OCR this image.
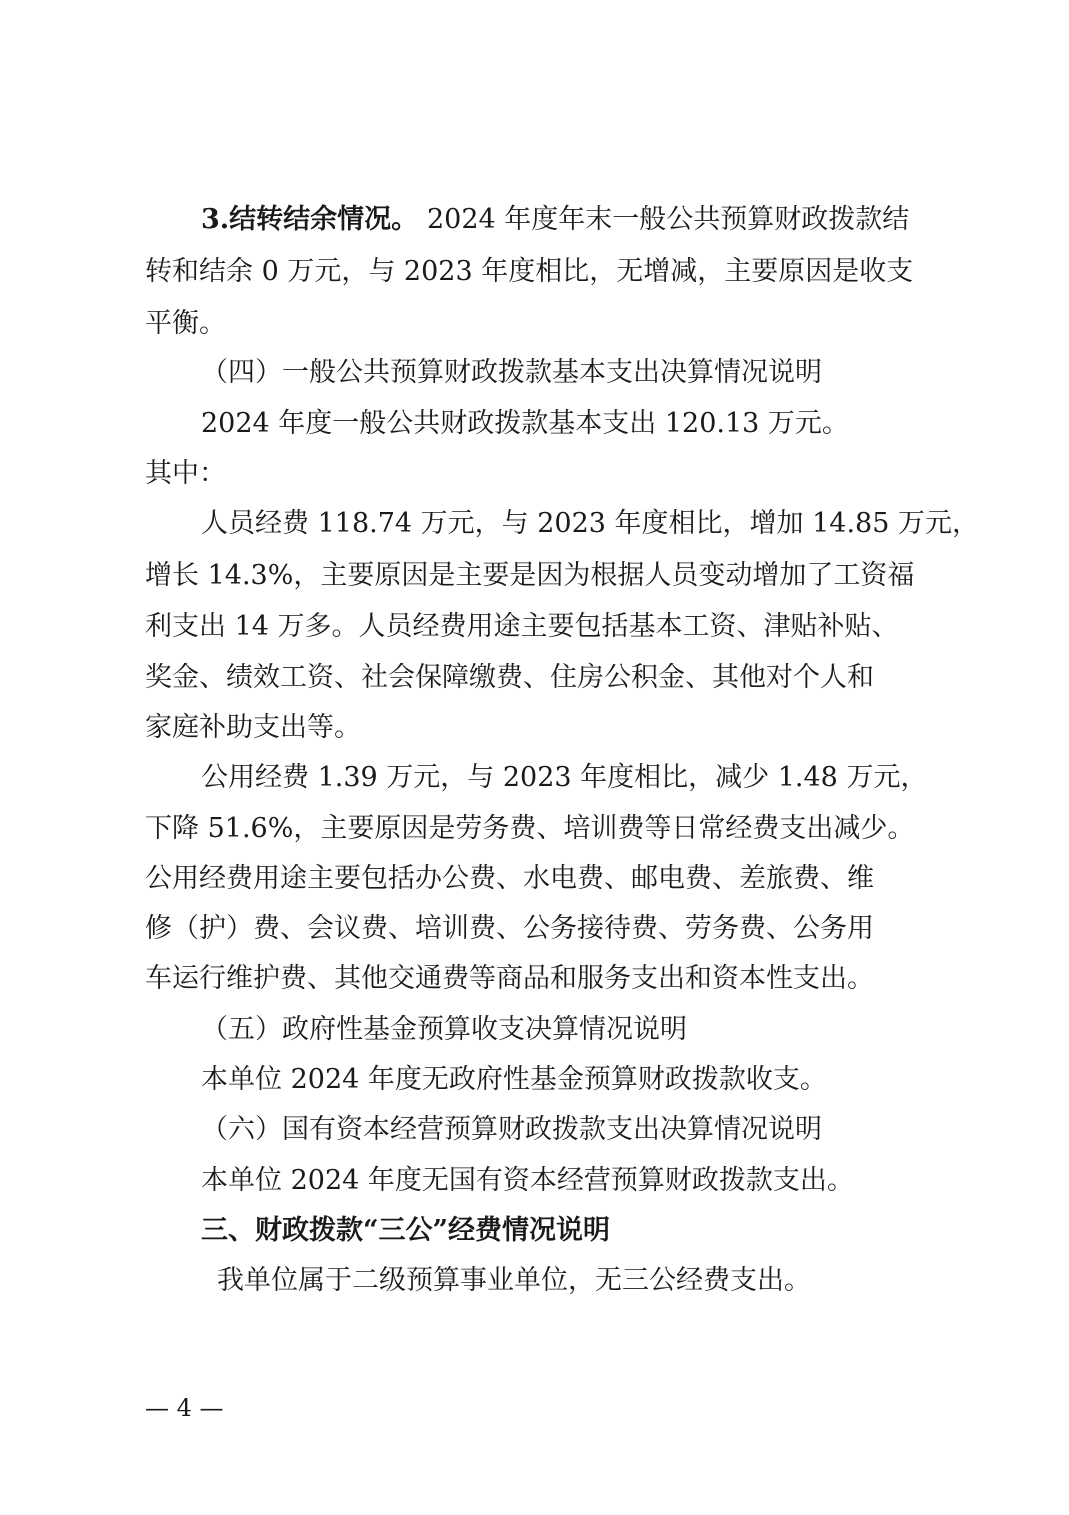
3.结转结余情况。 2024 年度年末一般公共预算财政拨款结
转和结余 0 万元，与 2023 年度相比，无增减，主要原因是收支
平衡。
（四）一般公共预算财政拨款基本支出决算情况说明
2024 年度一般公共财政拨款基本支出 120.13 万元。
其中：
人员经费 118.74 万元，与 2023 年度相比，增加 14.85 万元，
增长 14.3%，主要原因是主要是因为根据人员变动增加了工资福
利支出 14 万多。人员经费用途主要包括基本工资、津贴补贴、
奖金、绩效工资、社会保障缴费、住房公积金、其他对个人和
家庭补助支出等。
公用经费 1.39 万元，与 2023 年度相比，减少 1.48 万元，
下降 51.6%，主要原因是劳务费、培训费等日常经费支出减少。
公用经费用途主要包括办公费、水电费、邮电费、差旅费、维
修（护）费、会议费、培训费、公务接待费、劳务费、公务用
车运行维护费、其他交通费等商品和服务支出和资本性支出。
（五）政府性基金预算收支决算情况说明
本单位 2024 年度无政府性基金预算财政拨款收支。
（六）国有资本经营预算财政拨款支出决算情况说明
本单位 2024 年度无国有资本经营预算财政拨款支出。
三、财政拨款“三公”经费情况说明
我单位属于二级预算事业单位，无三公经费支出。
— 4 —
